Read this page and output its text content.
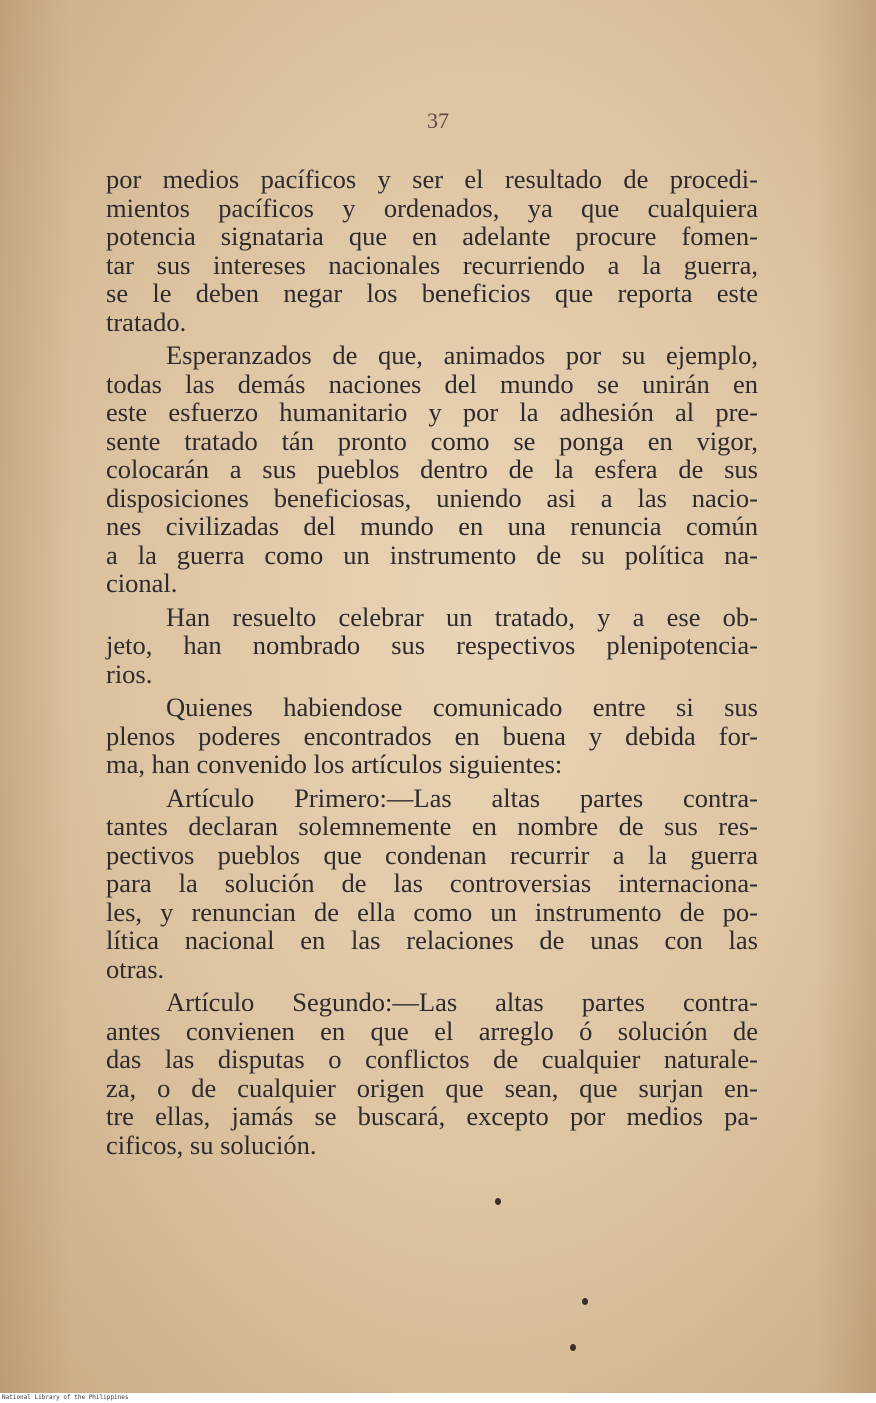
37
por medios pacíficos y ser el resultado de procedi-
mientos pacíficos y ordenados, ya que cualquiera
potencia signataria que en adelante procure fomen-
tar sus intereses nacionales recurriendo a la guerra,
se le deben negar los beneficios que reporta este
tratado.
Esperanzados de que, animados por su ejemplo,
todas las demás naciones del mundo se unirán en
este esfuerzo humanitario y por la adhesión al pre-
sente tratado tán pronto como se ponga en vigor,
colocarán a sus pueblos dentro de la esfera de sus
disposiciones beneficiosas, uniendo asi a las nacio-
nes civilizadas del mundo en una renuncia común
a la guerra como un instrumento de su política na-
cional.
Han resuelto celebrar un tratado, y a ese ob-
jeto, han nombrado sus respectivos plenipotencia-
rios.
Quienes habiendose comunicado entre si sus
plenos poderes encontrados en buena y debida for-
ma, han convenido los artículos siguientes:
Artículo Primero:—Las altas partes contra-
tantes declaran solemnemente en nombre de sus res-
pectivos pueblos que condenan recurrir a la guerra
para la solución de las controversias internaciona-
les, y renuncian de ella como un instrumento de po-
lítica nacional en las relaciones de unas con las
otras.
Artículo Segundo:—Las altas partes contra-
antes convienen en que el arreglo ó solución de
das las disputas o conflictos de cualquier naturale-
za, o de cualquier origen que sean, que surjan en-
tre ellas, jamás se buscará, excepto por medios pa-
cificos, su solución.
National Library of the Philippines
